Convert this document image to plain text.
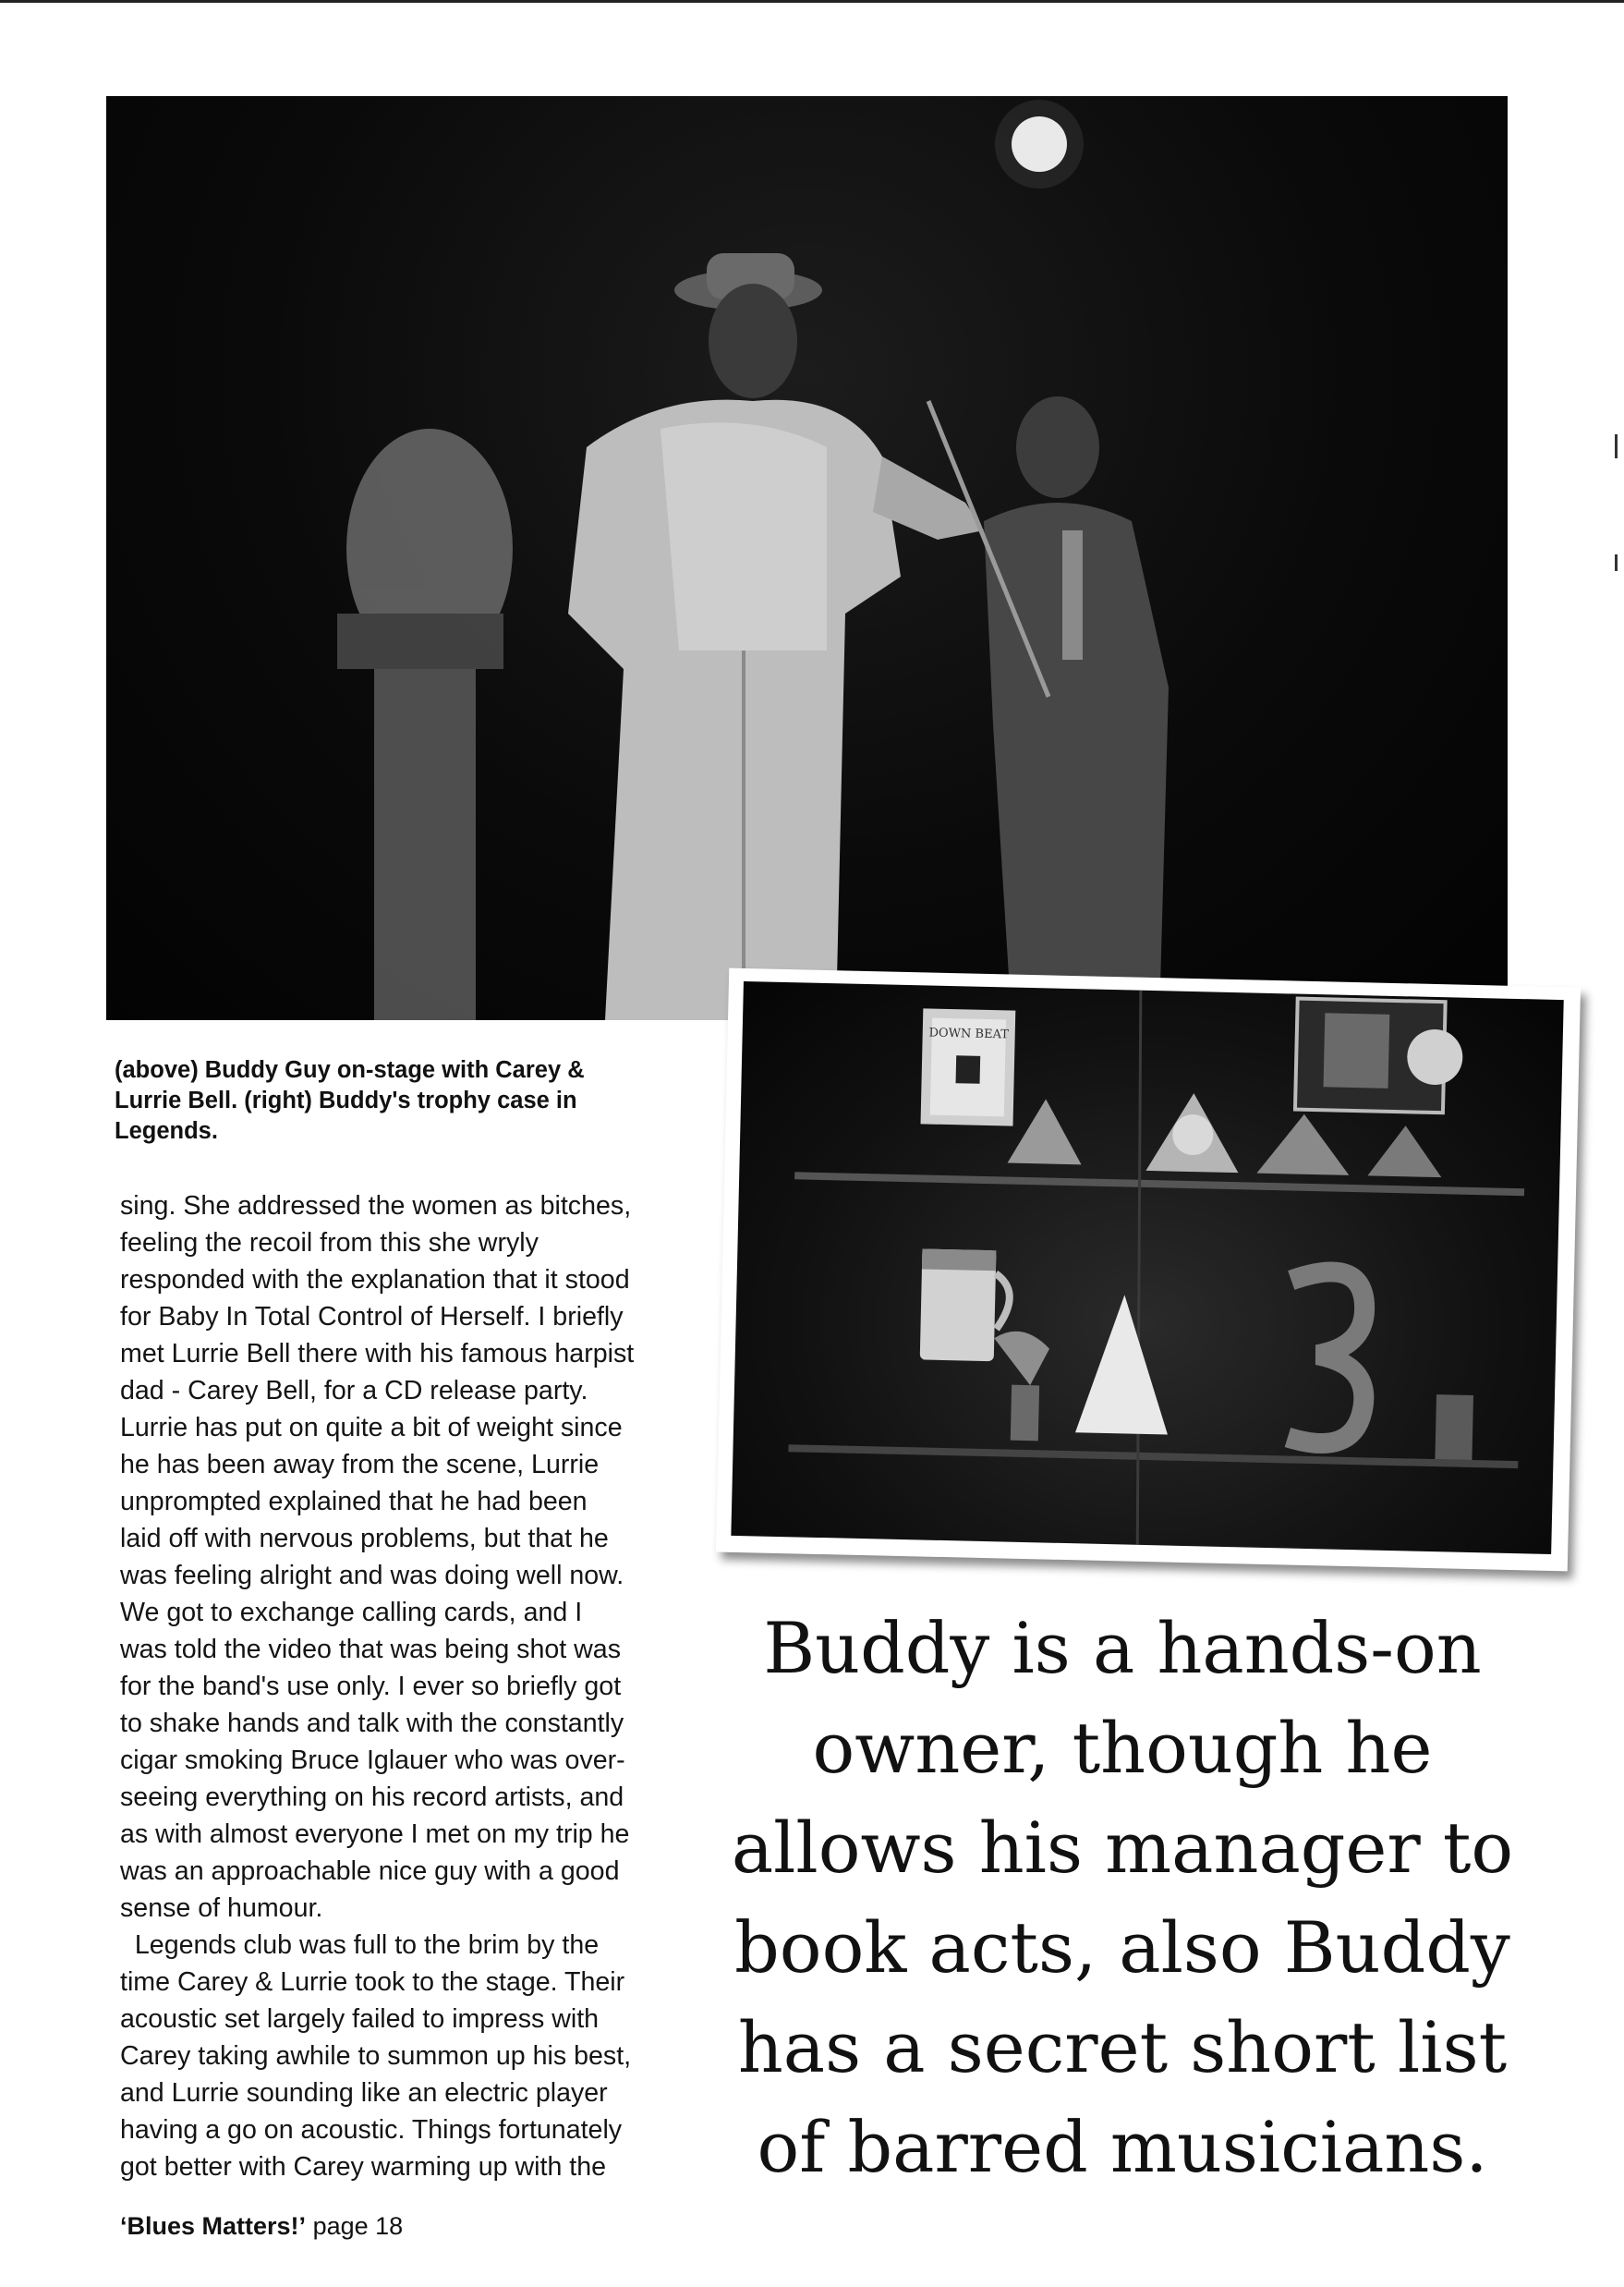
DOWN BEAT
(above) Buddy Guy on-stage with Carey &
Lurrie Bell. (right) Buddy's trophy case in
Legends.
sing. She addressed the women as bitches,
feeling the recoil from this she wryly
responded with the explanation that it stood
for Baby In Total Control of Herself. I briefly
met Lurrie Bell there with his famous harpist
dad - Carey Bell, for a CD release party.
Lurrie has put on quite a bit of weight since
he has been away from the scene, Lurrie
unprompted explained that he had been
laid off with nervous problems, but that he
was feeling alright and was doing well now.
We got to exchange calling cards, and I
was told the video that was being shot was
for the band's use only. I ever so briefly got
to shake hands and talk with the constantly
cigar smoking Bruce Iglauer who was over-
seeing everything on his record artists, and
as with almost everyone I met on my trip he
was an approachable nice guy with a good
sense of humour.
Legends club was full to the brim by the
time Carey & Lurrie took to the stage. Their
acoustic set largely failed to impress with
Carey taking awhile to summon up his best,
and Lurrie sounding like an electric player
having a go on acoustic. Things fortunately
got better with Carey warming up with the
Buddy is a hands-on
owner, though he
allows his manager to
book acts, also Buddy
has a secret short list
of barred musicians.
‘Blues Matters!’ page 18
